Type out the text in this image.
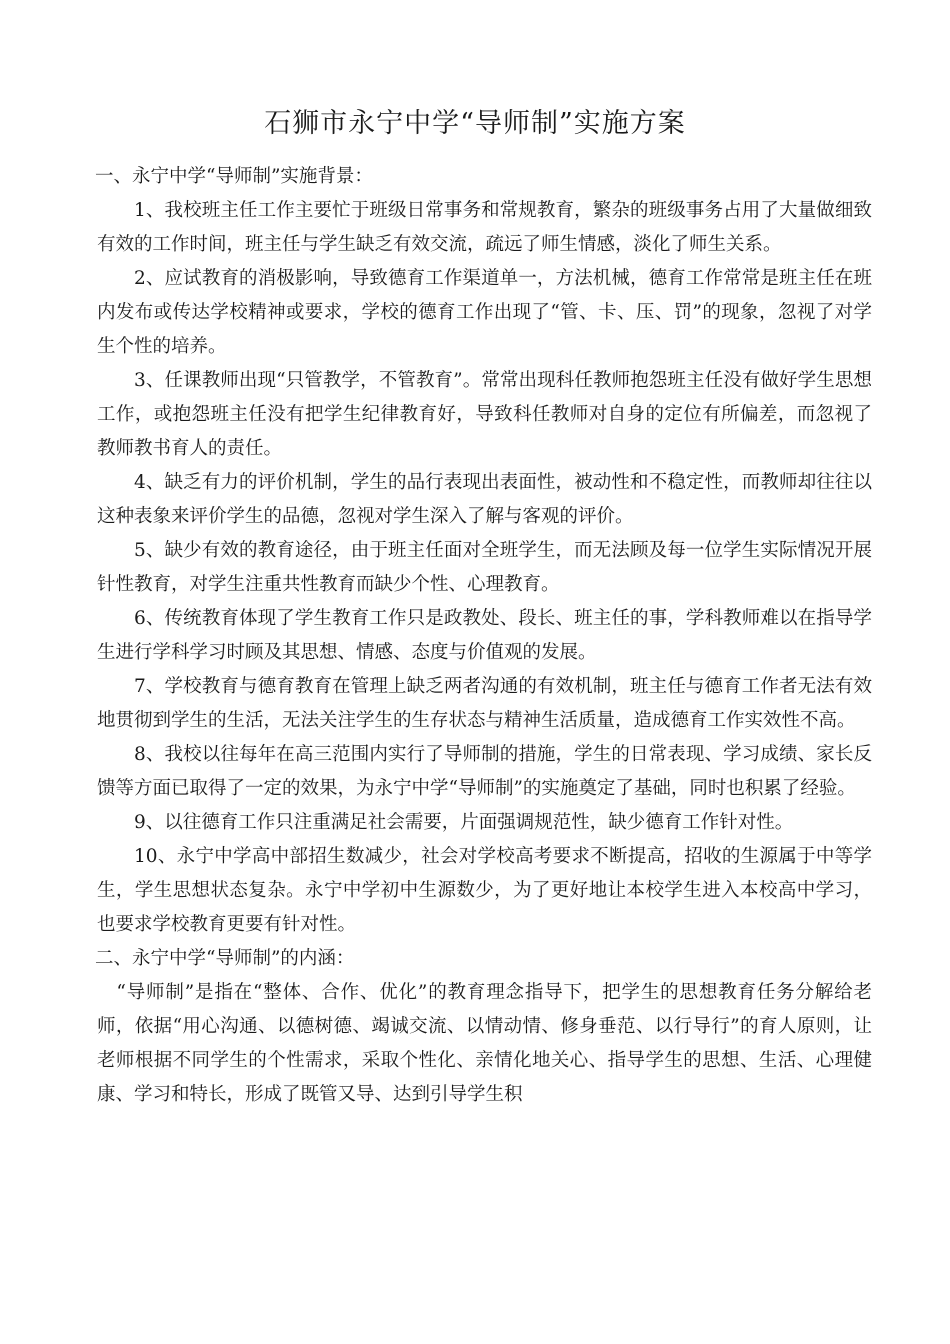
石狮市永宁中学“导师制”实施方案

一、永宁中学“导师制”实施背景：

1、我校班主任工作主要忙于班级日常事务和常规教育，繁杂的班级事务占用了大量做细致有效的工作时间，班主任与学生缺乏有效交流，疏远了师生情感，淡化了师生关系。

2、应试教育的消极影响，导致德育工作渠道单一，方法机械，德育工作常常是班主任在班内发布或传达学校精神或要求，学校的德育工作出现了“管、卡、压、罚”的现象，忽视了对学生个性的培养。

3、任课教师出现“只管教学，不管教育”。常常出现科任教师抱怨班主任没有做好学生思想工作，或抱怨班主任没有把学生纪律教育好，导致科任教师对自身的定位有所偏差，而忽视了教师教书育人的责任。

4、缺乏有力的评价机制，学生的品行表现出表面性，被动性和不稳定性，而教师却往往以这种表象来评价学生的品德，忽视对学生深入了解与客观的评价。

5、缺少有效的教育途径，由于班主任面对全班学生，而无法顾及每一位学生实际情况开展针性教育，对学生注重共性教育而缺少个性、心理教育。

6、传统教育体现了学生教育工作只是政教处、段长、班主任的事，学科教师难以在指导学生进行学科学习时顾及其思想、情感、态度与价值观的发展。

7、学校教育与德育教育在管理上缺乏两者沟通的有效机制，班主任与德育工作者无法有效地贯彻到学生的生活，无法关注学生的生存状态与精神生活质量，造成德育工作实效性不高。

8、我校以往每年在高三范围内实行了导师制的措施，学生的日常表现、学习成绩、家长反馈等方面已取得了一定的效果，为永宁中学“导师制”的实施奠定了基础，同时也积累了经验。

9、以往德育工作只注重满足社会需要，片面强调规范性，缺少德育工作针对性。

10、永宁中学高中部招生数减少，社会对学校高考要求不断提高，招收的生源属于中等学生，学生思想状态复杂。永宁中学初中生源数少，为了更好地让本校学生进入本校高中学习，也要求学校教育更要有针对性。

二、永宁中学“导师制”的内涵：

“导师制”是指在“整体、合作、优化”的教育理念指导下，把学生的思想教育任务分解给老师，依据“用心沟通、以德树德、竭诚交流、以情动情、修身垂范、以行导行”的育人原则，让老师根据不同学生的个性需求，采取个性化、亲情化地关心、指导学生的思想、生活、心理健康、学习和特长，形成了既管又导、达到引导学生积
